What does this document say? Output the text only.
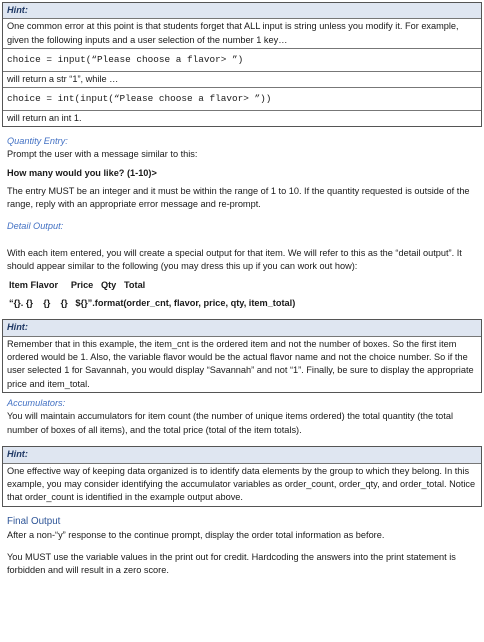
Hint:
One common error at this point is that students forget that ALL input is string unless you modify it. For example, given the following inputs and a user selection of the number 1 key…
choice = input(“Please choose a flavor> ”)
will return a str “1”, while …
choice = int(input(“Please choose a flavor> ”))
will return an int 1.
Quantity Entry:
Prompt the user with a message similar to this:
How many would you like? (1-10)>
The entry MUST be an integer and it must be within the range of 1 to 10. If the quantity requested is outside of the range, reply with an appropriate error message and re-prompt.
Detail Output:
With each item entered, you will create a special output for that item. We will refer to this as the “detail output”. It should appear similar to the following (you may dress this up if you can work out how):
Item Flavor Price Qty Total
“{}. {}    {}    {}   ${}”.format(order_cnt, flavor, price, qty, item_total)
Hint:
Remember that in this example, the item_cnt is the ordered item and not the number of boxes. So the first item ordered would be 1. Also, the variable flavor would be the actual flavor name and not the choice number. So if the user selected 1 for Savannah, you would display “Savannah” and not “1”. Finally, be sure to display the appropriate price and item_total.
Accumulators:
You will maintain accumulators for item count (the number of unique items ordered) the total quantity (the total number of boxes of all items), and the total price (total of the item totals).
Hint:
One effective way of keeping data organized is to identify data elements by the group to which they belong. In this example, you may consider identifying the accumulator variables as order_count, order_qty, and order_total. Notice that order_count is identified in the example output above.
Final Output
After a non-“y” response to the continue prompt, display the order total information as before.
You MUST use the variable values in the print out for credit. Hardcoding the answers into the print statement is forbidden and will result in a zero score.
